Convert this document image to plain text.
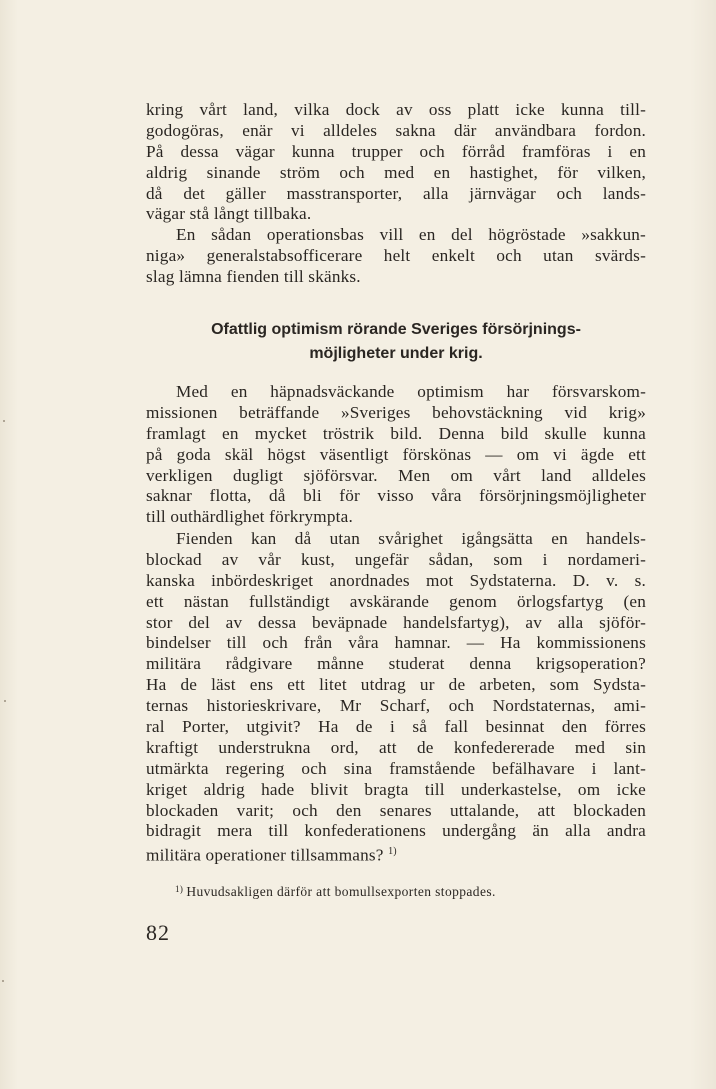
kring vårt land, vilka dock av oss platt icke kunna till-
godogöras, enär vi alldeles sakna där användbara fordon.
På dessa vägar kunna trupper och förråd framföras i en
aldrig sinande ström och med en hastighet, för vilken,
då det gäller masstransporter, alla järnvägar och lands-
vägar stå långt tillbaka.
En sådan operationsbas vill en del högröstade »sakkun-
niga» generalstabsofficerare helt enkelt och utan svärds-
slag lämna fienden till skänks.
Ofattlig optimism rörande Sveriges försörjnings-
möjligheter under krig.
Med en häpnadsväckande optimism har försvarskom-
missionen beträffande »Sveriges behovstäckning vid krig»
framlagt en mycket tröstrik bild. Denna bild skulle kunna
på goda skäl högst väsentligt förskönas — om vi ägde ett
verkligen dugligt sjöförsvar. Men om vårt land alldeles
saknar flotta, då bli för visso våra försörjningsmöjligheter
till outhärdlighet förkrympta.
Fienden kan då utan svårighet igångsätta en handels-
blockad av vår kust, ungefär sådan, som i nordameri-
kanska inbördeskriget anordnades mot Sydstaterna. D. v. s.
ett nästan fullständigt avskärande genom örlogsfartyg (en
stor del av dessa beväpnade handelsfartyg), av alla sjöför-
bindelser till och från våra hamnar. — Ha kommissionens
militära rådgivare månne studerat denna krigsoperation?
Ha de läst ens ett litet utdrag ur de arbeten, som Sydsta-
ternas historieskrivare, Mr Scharf, och Nordstaternas, ami-
ral Porter, utgivit? Ha de i så fall besinnat den förres
kraftigt understrukna ord, att de konfedererade med sin
utmärkta regering och sina framstående befälhavare i lant-
kriget aldrig hade blivit bragta till underkastelse, om icke
blockaden varit; och den senares uttalande, att blockaden
bidragit mera till konfederationens undergång än alla andra
militära operationer tillsammans? $^{1)}$
$^{1)}$ Huvudsakligen därför att bomullsexporten stoppades.
82
